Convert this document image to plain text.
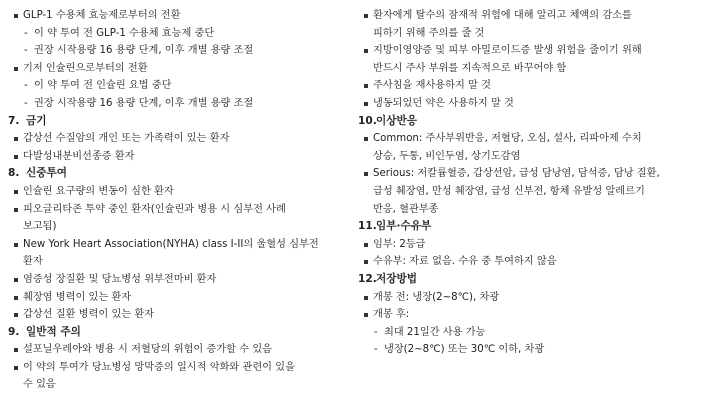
GLP-1 수용체 효능제로부터의 전환
- 이 약 투여 전 GLP-1 수용체 효능제 중단
- 권장 시작용량 16 용량 단계, 이후 개별 용량 조절
기저 인슐린으로부터의 전환
- 이 약 투여 전 인슐린 요법 중단
- 권장 시작용량 16 용량 단계, 이후 개별 용량 조절
7. 금기
갑상선 수질암의 개인 또는 가족력이 있는 환자
다발성내분비선종증 환자
8. 신중투여
인슐린 요구량의 변동이 심한 환자
피오글리타존 투약 중인 환자(인슐린과 병용 시 심부전 사례
보고됨)
New York Heart Association(NYHA) class I-II의 울혈성 심부전
환자
염증성 장질환 및 당뇨병성 위부전마비 환자
췌장염 병력이 있는 환자
갑상선 질환 병력이 있는 환자
9. 일반적 주의
설포닐우레아와 병용 시 저혈당의 위험이 증가할 수 있음
이 약의 투여가 당뇨병성 망막증의 일시적 악화와 관련이 있을
수 있음
환자에게 탈수의 잠재적 위험에 대해 알리고 체액의 감소를
피하기 위해 주의를 줄 것
지방이영양증 및 피부 아밀로이드증 발생 위험을 줄이기 위해
반드시 주사 부위를 지속적으로 바꾸어야 함
주사침을 재사용하지 말 것
냉동되었던 약은 사용하지 말 것
10. 이상반응
Common: 주사부위반응, 저혈당, 오심, 설사, 리파아제 수치
상승, 두통, 비인두염, 상기도감염
Serious: 저칼륨혈증, 갑상선암, 급성 담낭염, 담석증, 담낭 질환,
급성 췌장염, 만성 췌장염, 급성 신부전, 항체 유발성 알레르기
반응, 혈관부종
11. 임부·수유부
임부: 2등급
수유부: 자료 없음. 수유 중 투여하지 않음
12. 저장방법
개봉 전: 냉장(2~8℃), 차광
개봉 후:
- 최대 21일간 사용 가능
- 냉장(2~8℃) 또는 30℃ 이하, 차광
